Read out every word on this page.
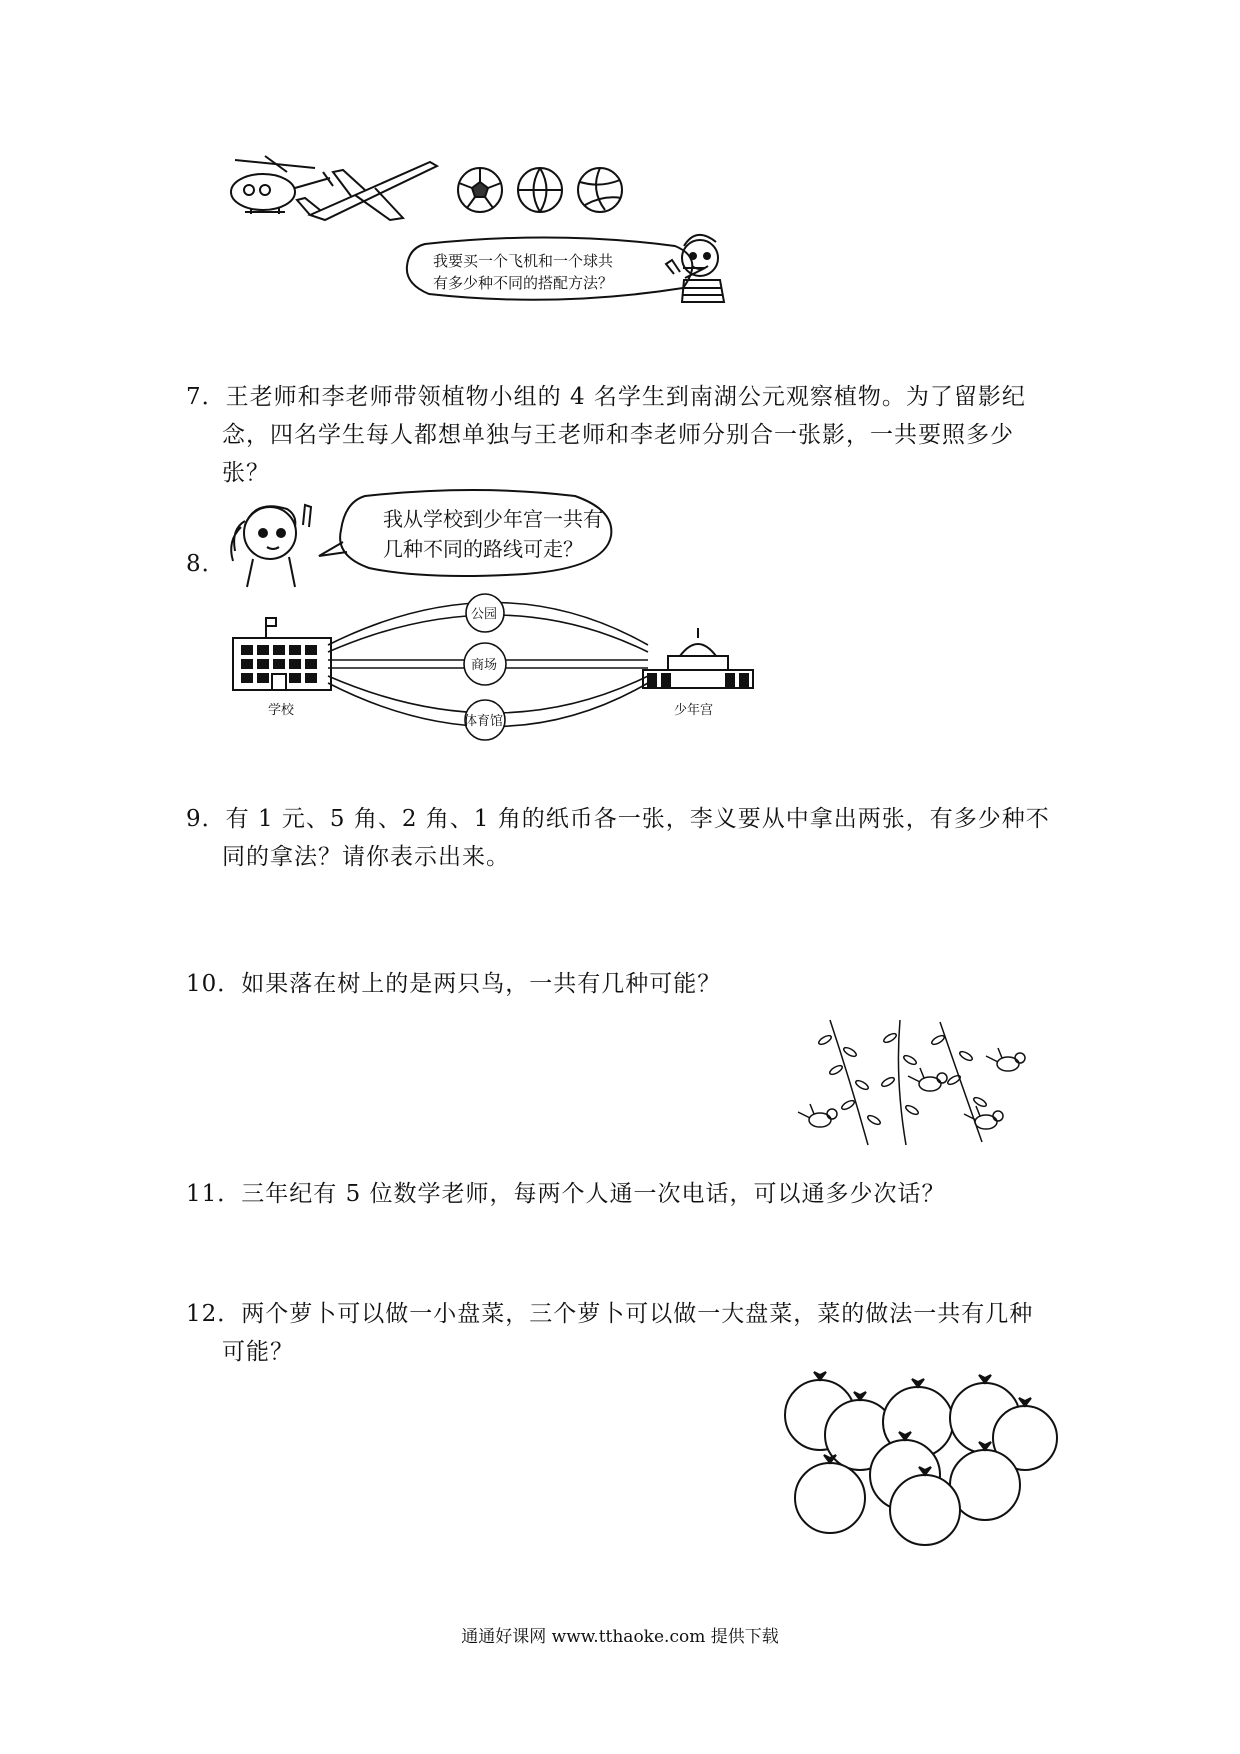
我要买一个飞机和一个球共
有多少种不同的搭配方法？
7．王老师和李老师带领植物小组的 4 名学生到南湖公元观察植物。为了留影纪
念，四名学生每人都想单独与王老师和李老师分别合一张影，一共要照多少
张？
8．
我从学校到少年宫一共有
几种不同的路线可走？
学校	少年宫
公园
商场
体育馆
9．有 1 元、5 角、2 角、1 角的纸币各一张，李义要从中拿出两张，有多少种不
同的拿法？请你表示出来。
10．如果落在树上的是两只鸟，一共有几种可能？
11．三年纪有 5 位数学老师，每两个人通一次电话，可以通多少次话？
12．两个萝卜可以做一小盘菜，三个萝卜可以做一大盘菜，菜的做法一共有几种
可能？
通通好课网 www.tthaoke.com 提供下载
